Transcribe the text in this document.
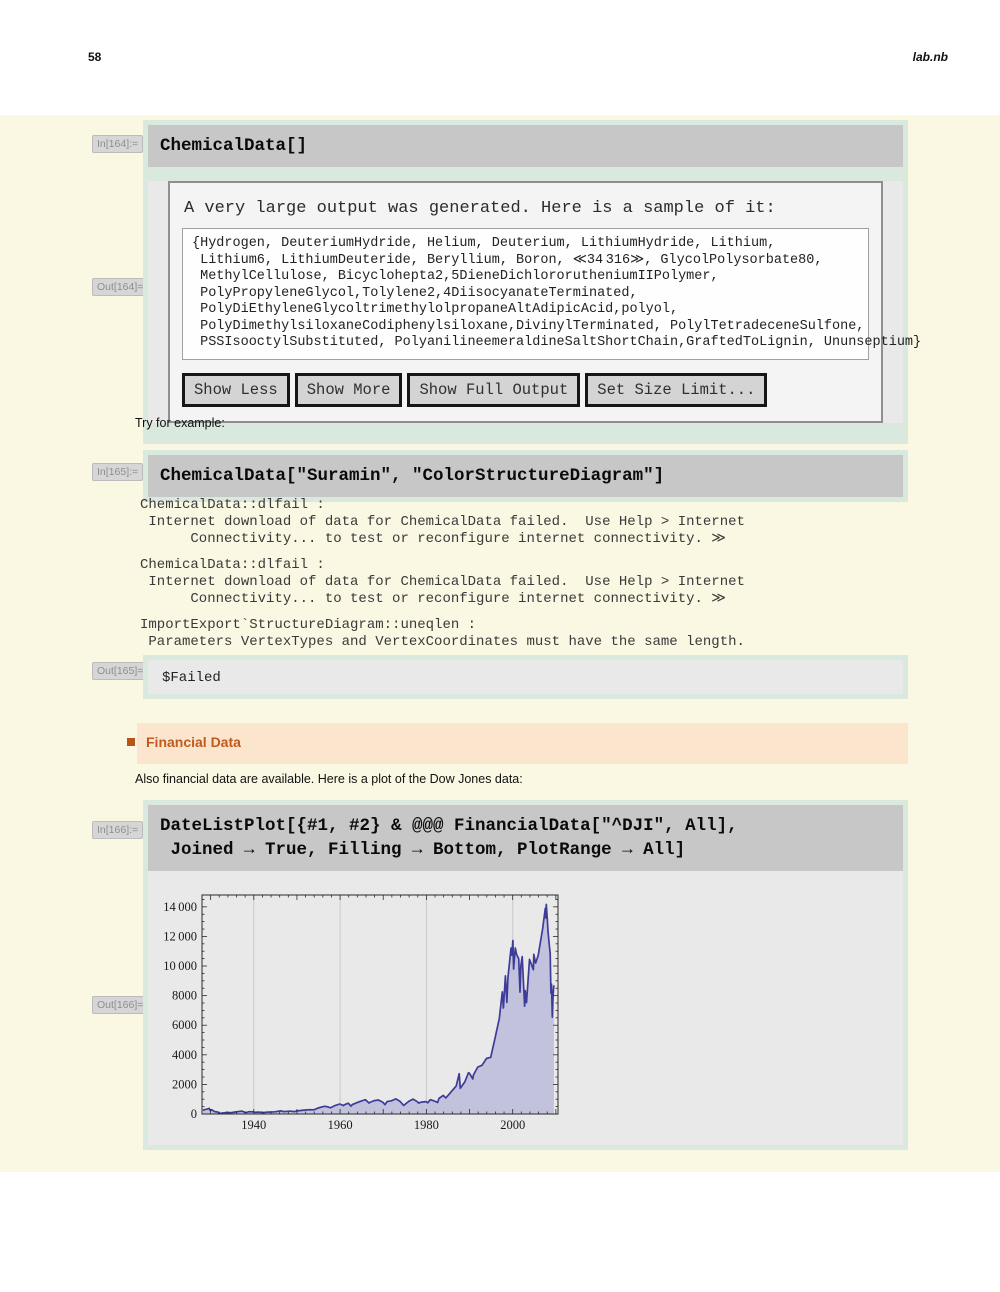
58	lab.nb
In[164]:=
Out[164]=
In[165]:=
Out[165]=
In[166]:=
Out[166]=
ChemicalData[]
A very large output was generated. Here is a sample of it:
{Hydrogen, DeuteriumHydride, Helium, Deuterium, LithiumHydride, Lithium,
Lithium6, LithiumDeuteride, Beryllium, Boron, ≪34 316≫, GlycolPolysorbate80,
MethylCellulose, Bicyclohepta2,5DieneDichlororutheniumIIPolymer,
PolyPropyleneGlycol,Tolylene2,4DiisocyanateTerminated,
PolyDiEthyleneGlycoltrimethylolpropaneAltAdipicAcid,polyol,
PolyDimethylsiloxaneCodiphenylsiloxane,DivinylTerminated, PolylTetradeceneSulfone,
PSSIsooctylSubstituted, PolyanilineemeraldineSaltShortChain,GraftedToLignin, Ununseptium}
Show Less	Show More	Show Full Output	Set Size Limit...
Try for example:
ChemicalData["Suramin", "ColorStructureDiagram"]
ChemicalData::dlfail :
Internet download of data for ChemicalData failed.  Use Help > Internet
Connectivity... to test or reconfigure internet connectivity. ≫
ChemicalData::dlfail :
Internet download of data for ChemicalData failed.  Use Help > Internet
Connectivity... to test or reconfigure internet connectivity. ≫
ImportExport`StructureDiagram::uneqlen :
Parameters VertexTypes and VertexCoordinates must have the same length.
$Failed
Financial Data
Also financial data are available. Here is a plot of the Dow Jones data:
DateListPlot[{#1, #2} & @@@ FinancialData["^DJI", All],
Joined → True, Filling → Bottom, PlotRange → All]
1940	1960	1980	2000
0
2000
4000
6000
8000
10 000
12 000
14 000
